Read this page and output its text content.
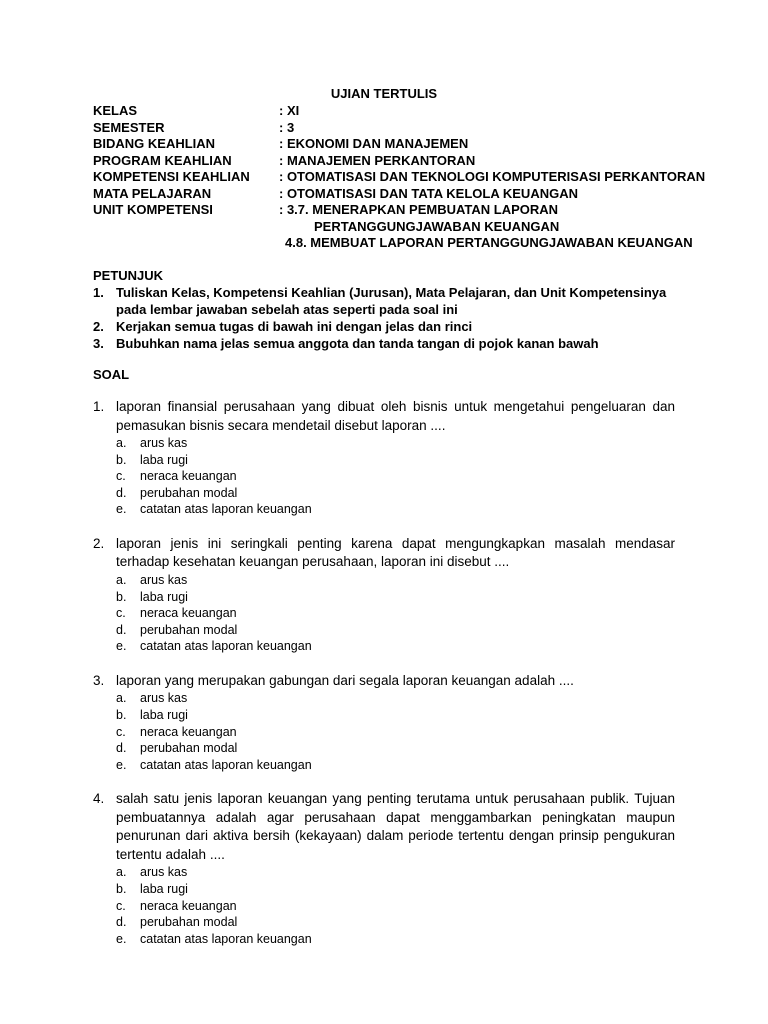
UJIAN TERTULIS
KELAS	: XI
SEMESTER	: 3
BIDANG KEAHLIAN	: EKONOMI DAN MANAJEMEN
PROGRAM KEAHLIAN	: MANAJEMEN PERKANTORAN
KOMPETENSI KEAHLIAN	: OTOMATISASI DAN TEKNOLOGI KOMPUTERISASI PERKANTORAN
MATA PELAJARAN	: OTOMATISASI DAN TATA KELOLA KEUANGAN
UNIT KOMPETENSI	: 3.7. MENERAPKAN PEMBUATAN LAPORAN
PERTANGGUNGJAWABAN KEUANGAN
4.8. MEMBUAT LAPORAN PERTANGGUNGJAWABAN KEUANGAN
PETUNJUK
1. Tuliskan Kelas, Kompetensi Keahlian (Jurusan), Mata Pelajaran, dan Unit Kompetensinya pada lembar jawaban sebelah atas seperti pada soal ini
2. Kerjakan semua tugas di bawah ini dengan jelas dan rinci
3. Bubuhkan nama jelas semua anggota dan tanda tangan di pojok kanan bawah
SOAL
1. laporan finansial perusahaan yang dibuat oleh bisnis untuk mengetahui pengeluaran dan pemasukan bisnis secara mendetail disebut laporan ....
a.	arus kas
b.	laba rugi
c.	neraca keuangan
d.	perubahan modal
e.	catatan atas laporan keuangan
2. laporan jenis ini seringkali penting karena dapat mengungkapkan masalah mendasar terhadap kesehatan keuangan perusahaan, laporan ini disebut ....
a.	arus kas
b.	laba rugi
c.	neraca keuangan
d.	perubahan modal
e.	catatan atas laporan keuangan
3. laporan yang merupakan gabungan dari segala laporan keuangan adalah ....
a.	arus kas
b.	laba rugi
c.	neraca keuangan
d.	perubahan modal
e.	catatan atas laporan keuangan
4. salah satu jenis laporan keuangan yang penting terutama untuk perusahaan publik. Tujuan pembuatannya adalah agar perusahaan dapat menggambarkan peningkatan maupun penurunan dari aktiva bersih (kekayaan) dalam periode tertentu dengan prinsip pengukuran tertentu adalah ....
a.	arus kas
b.	laba rugi
c.	neraca keuangan
d.	perubahan modal
e.	catatan atas laporan keuangan
